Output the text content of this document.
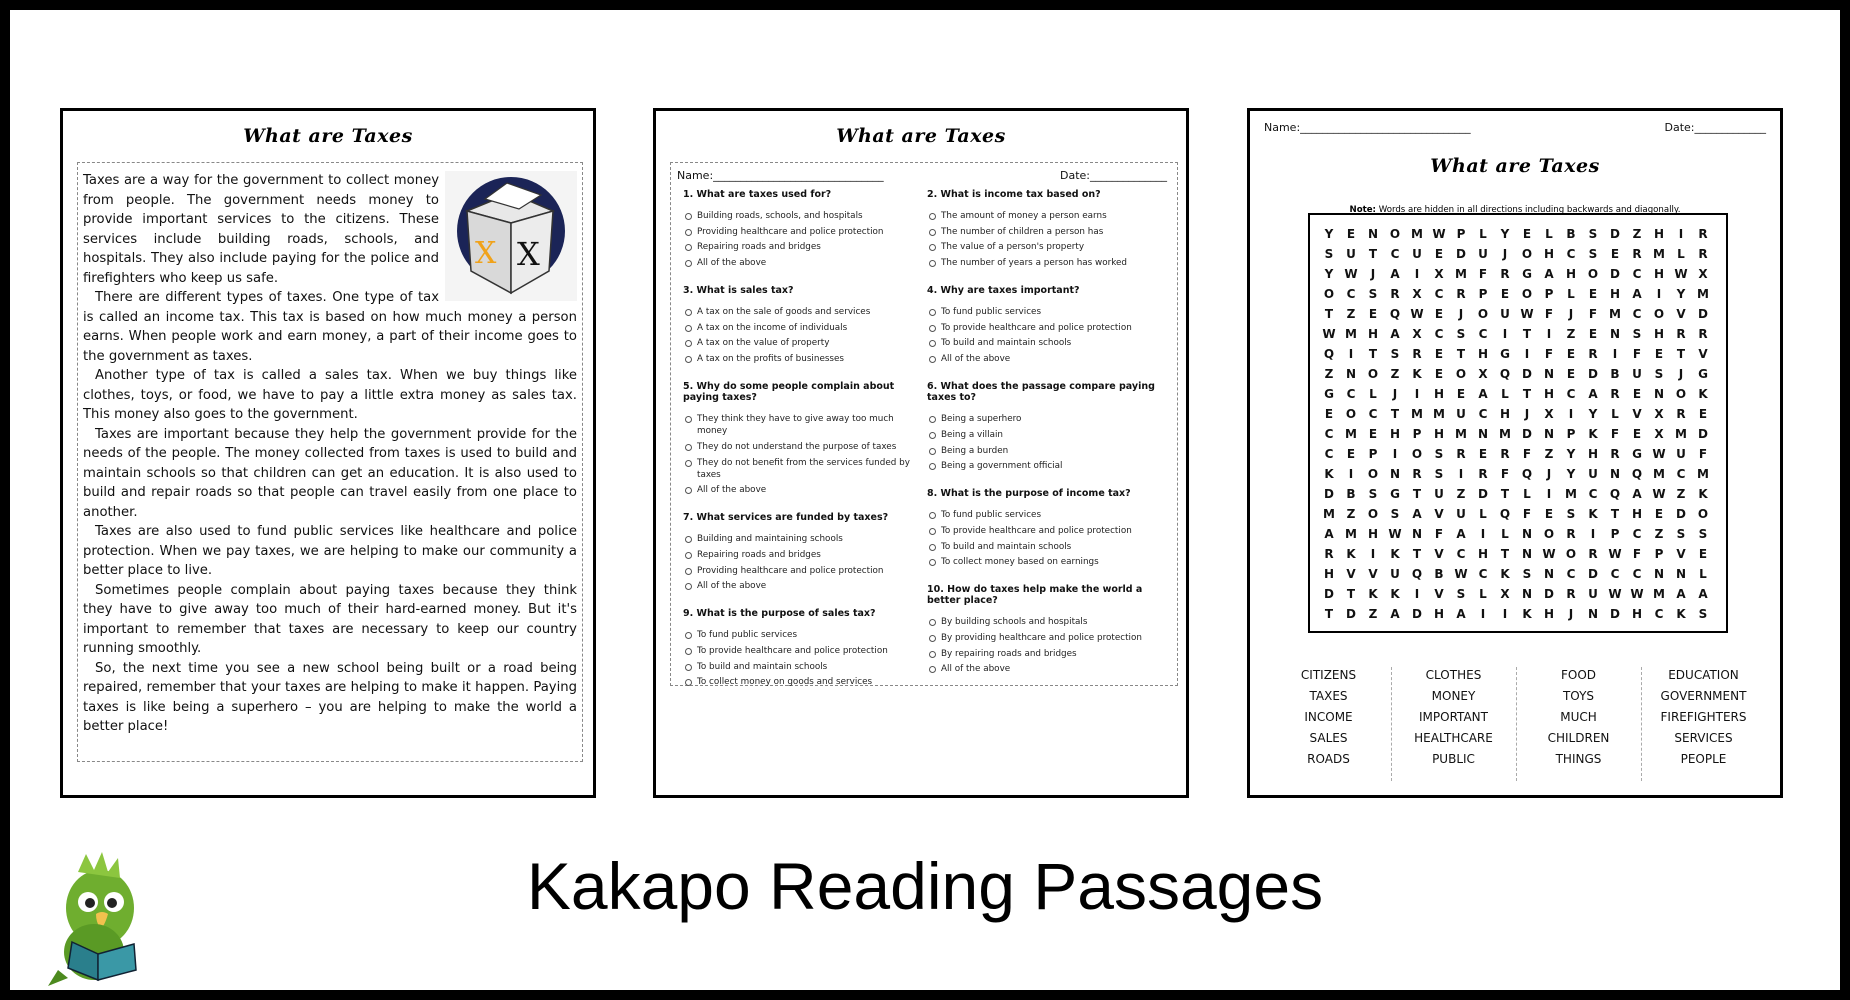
What are Taxes
X X

Taxes are a way for the government to collect money from people. The government needs money to provide important services to the citizens. These services include building roads, schools, and hospitals. They also include paying for the police and firefighters who keep us safe.

There are different types of taxes. One type of tax is called an income tax. This tax is based on how much money a person earns. When people work and earn money, a part of their income goes to the government as taxes.

Another type of tax is called a sales tax. When we buy things like clothes, toys, or food, we have to pay a little extra money as sales tax. This money also goes to the government.

Taxes are important because they help the government provide for the needs of the people. The money collected from taxes is used to build and maintain schools so that children can get an education. It is also used to build and repair roads so that people can travel easily from one place to another.

Taxes are also used to fund public services like healthcare and police protection. When we pay taxes, we are helping to make our community a better place to live.

Sometimes people complain about paying taxes because they think they have to give away too much of their hard-earned money. But it's important to remember that taxes are necessary to keep our country running smoothly.

So, the next time you see a new school being built or a road being repaired, remember that your taxes are helping to make it happen. Paying taxes is like being a superhero – you are helping to make the world a better place!

What are Taxes
Name:_______________________________	Date:______________
1. What are taxes used for?
Building roads, schools, and hospitals
Providing healthcare and police protection
Repairing roads and bridges
All of the above
3. What is sales tax?
A tax on the sale of goods and services
A tax on the income of individuals
A tax on the value of property
A tax on the profits of businesses
5. Why do some people complain about paying taxes?
They think they have to give away too much money
They do not understand the purpose of taxes
They do not benefit from the services funded by taxes
All of the above
7. What services are funded by taxes?
Building and maintaining schools
Repairing roads and bridges
Providing healthcare and police protection
All of the above
9. What is the purpose of sales tax?
To fund public services
To provide healthcare and police protection
To build and maintain schools
To collect money on goods and services
2. What is income tax based on?
The amount of money a person earns
The number of children a person has
The value of a person's property
The number of years a person has worked
4. Why are taxes important?
To fund public services
To provide healthcare and police protection
To build and maintain schools
All of the above
6. What does the passage compare paying taxes to?
Being a superhero
Being a villain
Being a burden
Being a government official
8. What is the purpose of income tax?
To fund public services
To provide healthcare and police protection
To build and maintain schools
To collect money based on earnings
10. How do taxes help make the world a better place?
By building schools and hospitals
By providing healthcare and police protection
By repairing roads and bridges
All of the above
Name:_______________________________	Date:_____________
What are Taxes
Note: Words are hidden in all directions including backwards and diagonally.
Y	E	N O M W P	L	Y	E	L	B	S	D	Z	H	I	R
S	U	T	C	U	E	D	U	J	O H	C	S	E	R M	L	R
Y W	J	A	I	X M F	R	G	A	H O D	C	H W X
O	C	S	R	X	C	R	P	E	O	P	L	E	H	A	I	Y M
T	Z	E	Q W E	J	O	U W F	J	F M C	O	V	D
W M H	A	X	C	S	C	I	T	I	Z	E	N	S	H	R	R
Q	I	T	S	R	E	T	H	G	I	F	E	R	I	F	E	T	V
Z	N O	Z	K	E	O	X	Q D N	E	D	B	U	S	J	G
G	C	L	J	I	H	E	A	L	T	H	C	A	R	E	N O	K
E	O	C	T M M U	C	H	J	X	I	Y	L	V	X	R	E
C M E	H	P	H M N M D N	P	K	F	E	X M D
C	E	P	I	O	S	R	E	R	F	Z	Y	H	R	G W U	F
K	I	O N	R	S	I	R	F	Q	J	Y	U	N Q M C M
D	B	S	G	T	U	Z	D	T	L	I	M C	Q	A W Z	K
M Z	O	S	A	V	U	L	Q	F	E	S	K	T	H	E	D O
A M H W N	F	A	I	L	N O	R	I	P	C	Z	S	S
R	K	I	K	T	V	C	H	T	N W O	R W F	P	V	E
H	V	V	U	Q	B W C	K	S	N	C	D	C	C	N N	L
D	T	K	K	I	V	S	L	X	N	D	R	U W W M A	A
T	D	Z	A	D H	A	I	I	K	H	J	N	D H	C	K	S
CITIZENS
TAXES
INCOME
SALES
ROADS
CLOTHES
MONEY
IMPORTANT
HEALTHCARE
PUBLIC
FOOD
TOYS
MUCH
CHILDREN
THINGS
EDUCATION
GOVERNMENT
FIREFIGHTERS
SERVICES
PEOPLE
Kakapo Reading Passages
